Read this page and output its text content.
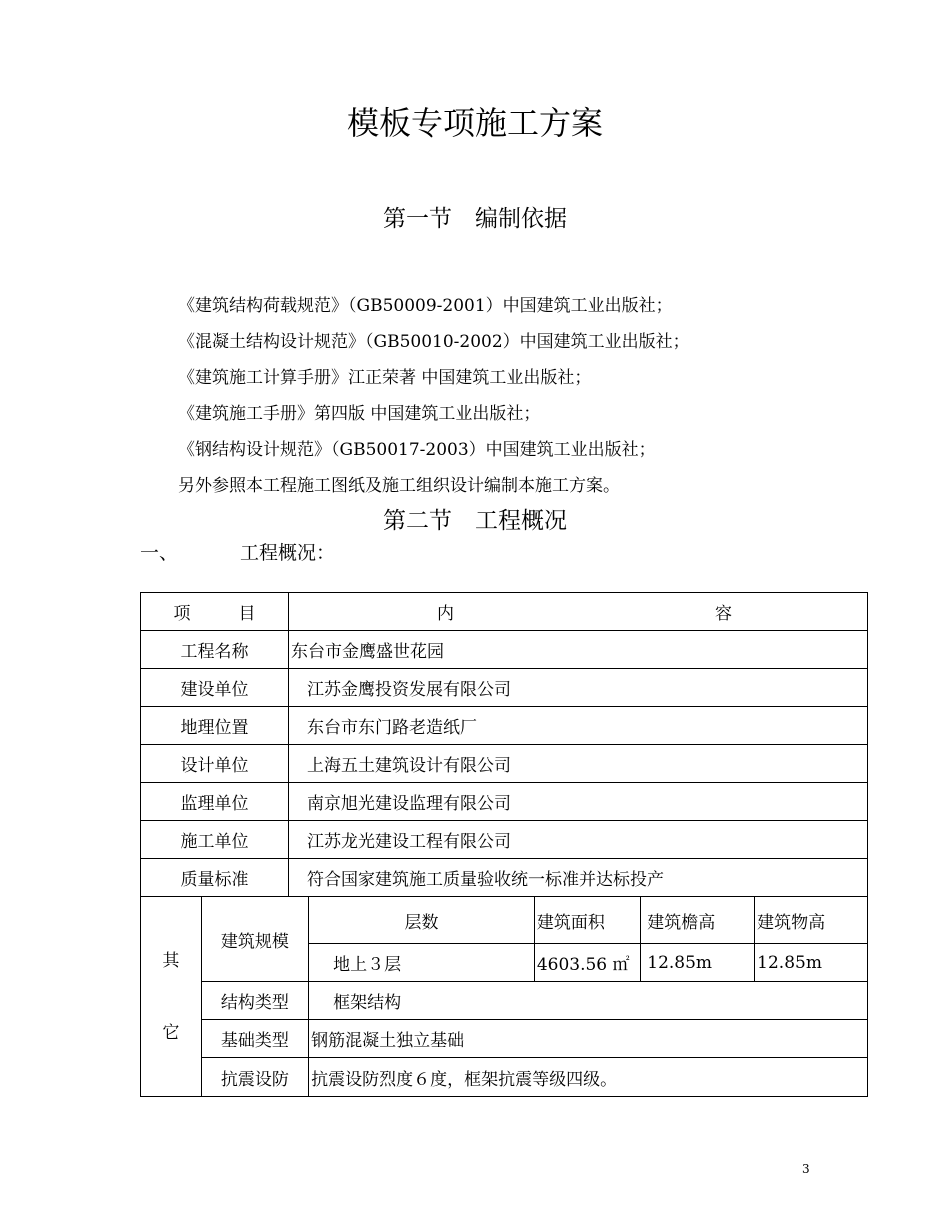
模板专项施工方案
第一节　编制依据
《建筑结构荷载规范》（GB50009-2001）中国建筑工业出版社；
《混凝土结构设计规范》（GB50010-2002）中国建筑工业出版社；
《建筑施工计算手册》江正荣著 中国建筑工业出版社；
《建筑施工手册》第四版 中国建筑工业出版社；
《钢结构设计规范》（GB50017-2003）中国建筑工业出版社；
另外参照本工程施工图纸及施工组织设计编制本施工方案。
第二节　工程概况
一、	工程概况：
项 目		内 容				

工程名称		东台市金鹰盛世花园				
建设单位		江苏金鹰投资发展有限公司				
地理位置		东台市东门路老造纸厂				
设计单位		上海五土建筑设计有限公司				
监理单位		南京旭光建设监理有限公司				
施工单位		江苏龙光建设工程有限公司				
质量标准		符合国家建筑施工质量验收统一标准并达标投产				

其
它	建筑规模		层数	建筑面积	建筑檐高	建筑物高
			地上３层	4603.56 ㎡	12.85m	12.85m
	结构类型		框架结构			
	基础类型		钢筋混凝土独立基础			
	抗震设防		抗震设防烈度６度，框架抗震等级四级。			
3
